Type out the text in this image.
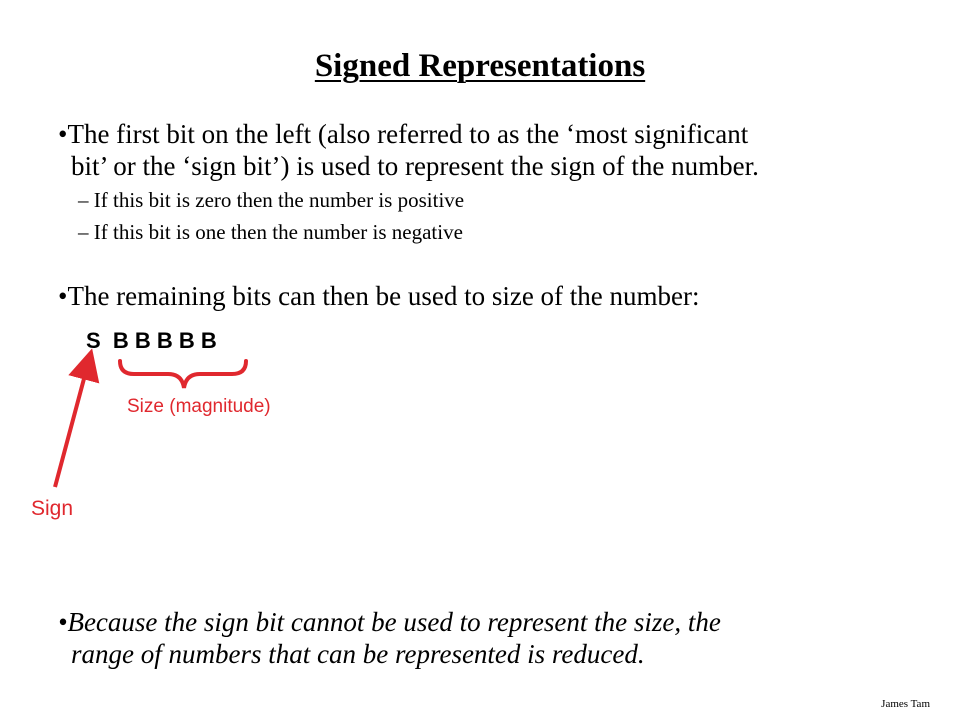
Signed Representations
•The first bit on the left (also referred to as the ‘most significant
bit’ or the ‘sign bit’) is used to represent the sign of the number.
– If this bit is zero then the number is positive
– If this bit is one then the number is negative
•The remaining bits can then be used to size of the number:
S  B B B B B
Size (magnitude)
Sign
•Because the sign bit cannot be used to represent the size, the
range of numbers that can be represented is reduced.
James Tam
